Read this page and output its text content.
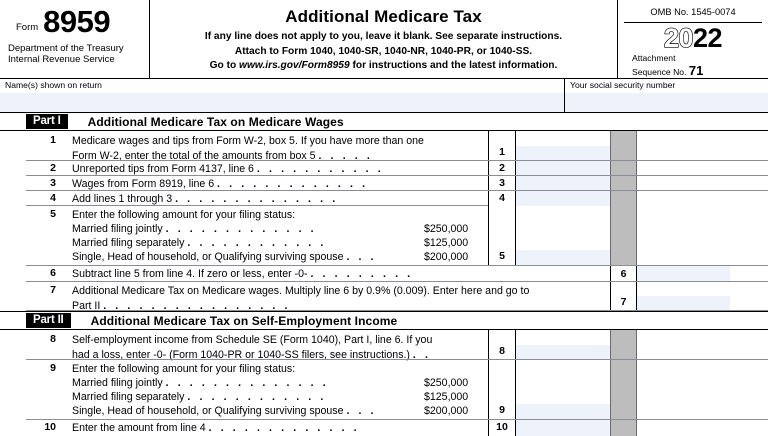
Form 8959
Department of the Treasury
Internal Revenue Service
Additional Medicare Tax
If any line does not apply to you, leave it blank. See separate instructions.
Attach to Form 1040, 1040-SR, 1040-NR, 1040-PR, or 1040-SS.
Go to www.irs.gov/Form8959 for instructions and the latest information.
OMB No. 1545-0074
2022
Attachment
Sequence No. 71
Name(s) shown on return	Your social security number
Part I	Additional Medicare Tax on Medicare Wages
1 Medicare wages and tips from Form W-2, box 5. If you have more than one
Form W-2, enter the total of the amounts from box 5 . . . . .	1
2 Unreported tips from Form 4137, line 6 . . . . . . . . . . .	2
3 Wages from Form 8919, line 6 . . . . . . . . . . . . .	3
4 Add lines 1 through 3 . . . . . . . . . . . . . .	4
5 Enter the following amount for your filing status:
Married filing jointly . . . . . . . . . . . . .	$250,000
Married filing separately . . . . . . . . . . . .	$125,000
Single, Head of household, or Qualifying surviving spouse . . .	$200,000	5
6 Subtract line 5 from line 4. If zero or less, enter -0- . . . . . . . . .	6
7 Additional Medicare Tax on Medicare wages. Multiply line 6 by 0.9% (0.009). Enter here and go to
Part II . . . . . . . . . . . . . . . .	7
Part II	Additional Medicare Tax on Self-Employment Income
8 Self-employment income from Schedule SE (Form 1040), Part I, line 6. If you
had a loss, enter -0- (Form 1040-PR or 1040-SS filers, see instructions.) . .	8
9 Enter the following amount for your filing status:
Married filing jointly . . . . . . . . . . . . . .	$250,000
Married filing separately . . . . . . . . . . . .	$125,000
Single, Head of household, or Qualifying surviving spouse . . .	$200,000	9
10 Enter the amount from line 4 . . . . . . . . . . . . .	10
